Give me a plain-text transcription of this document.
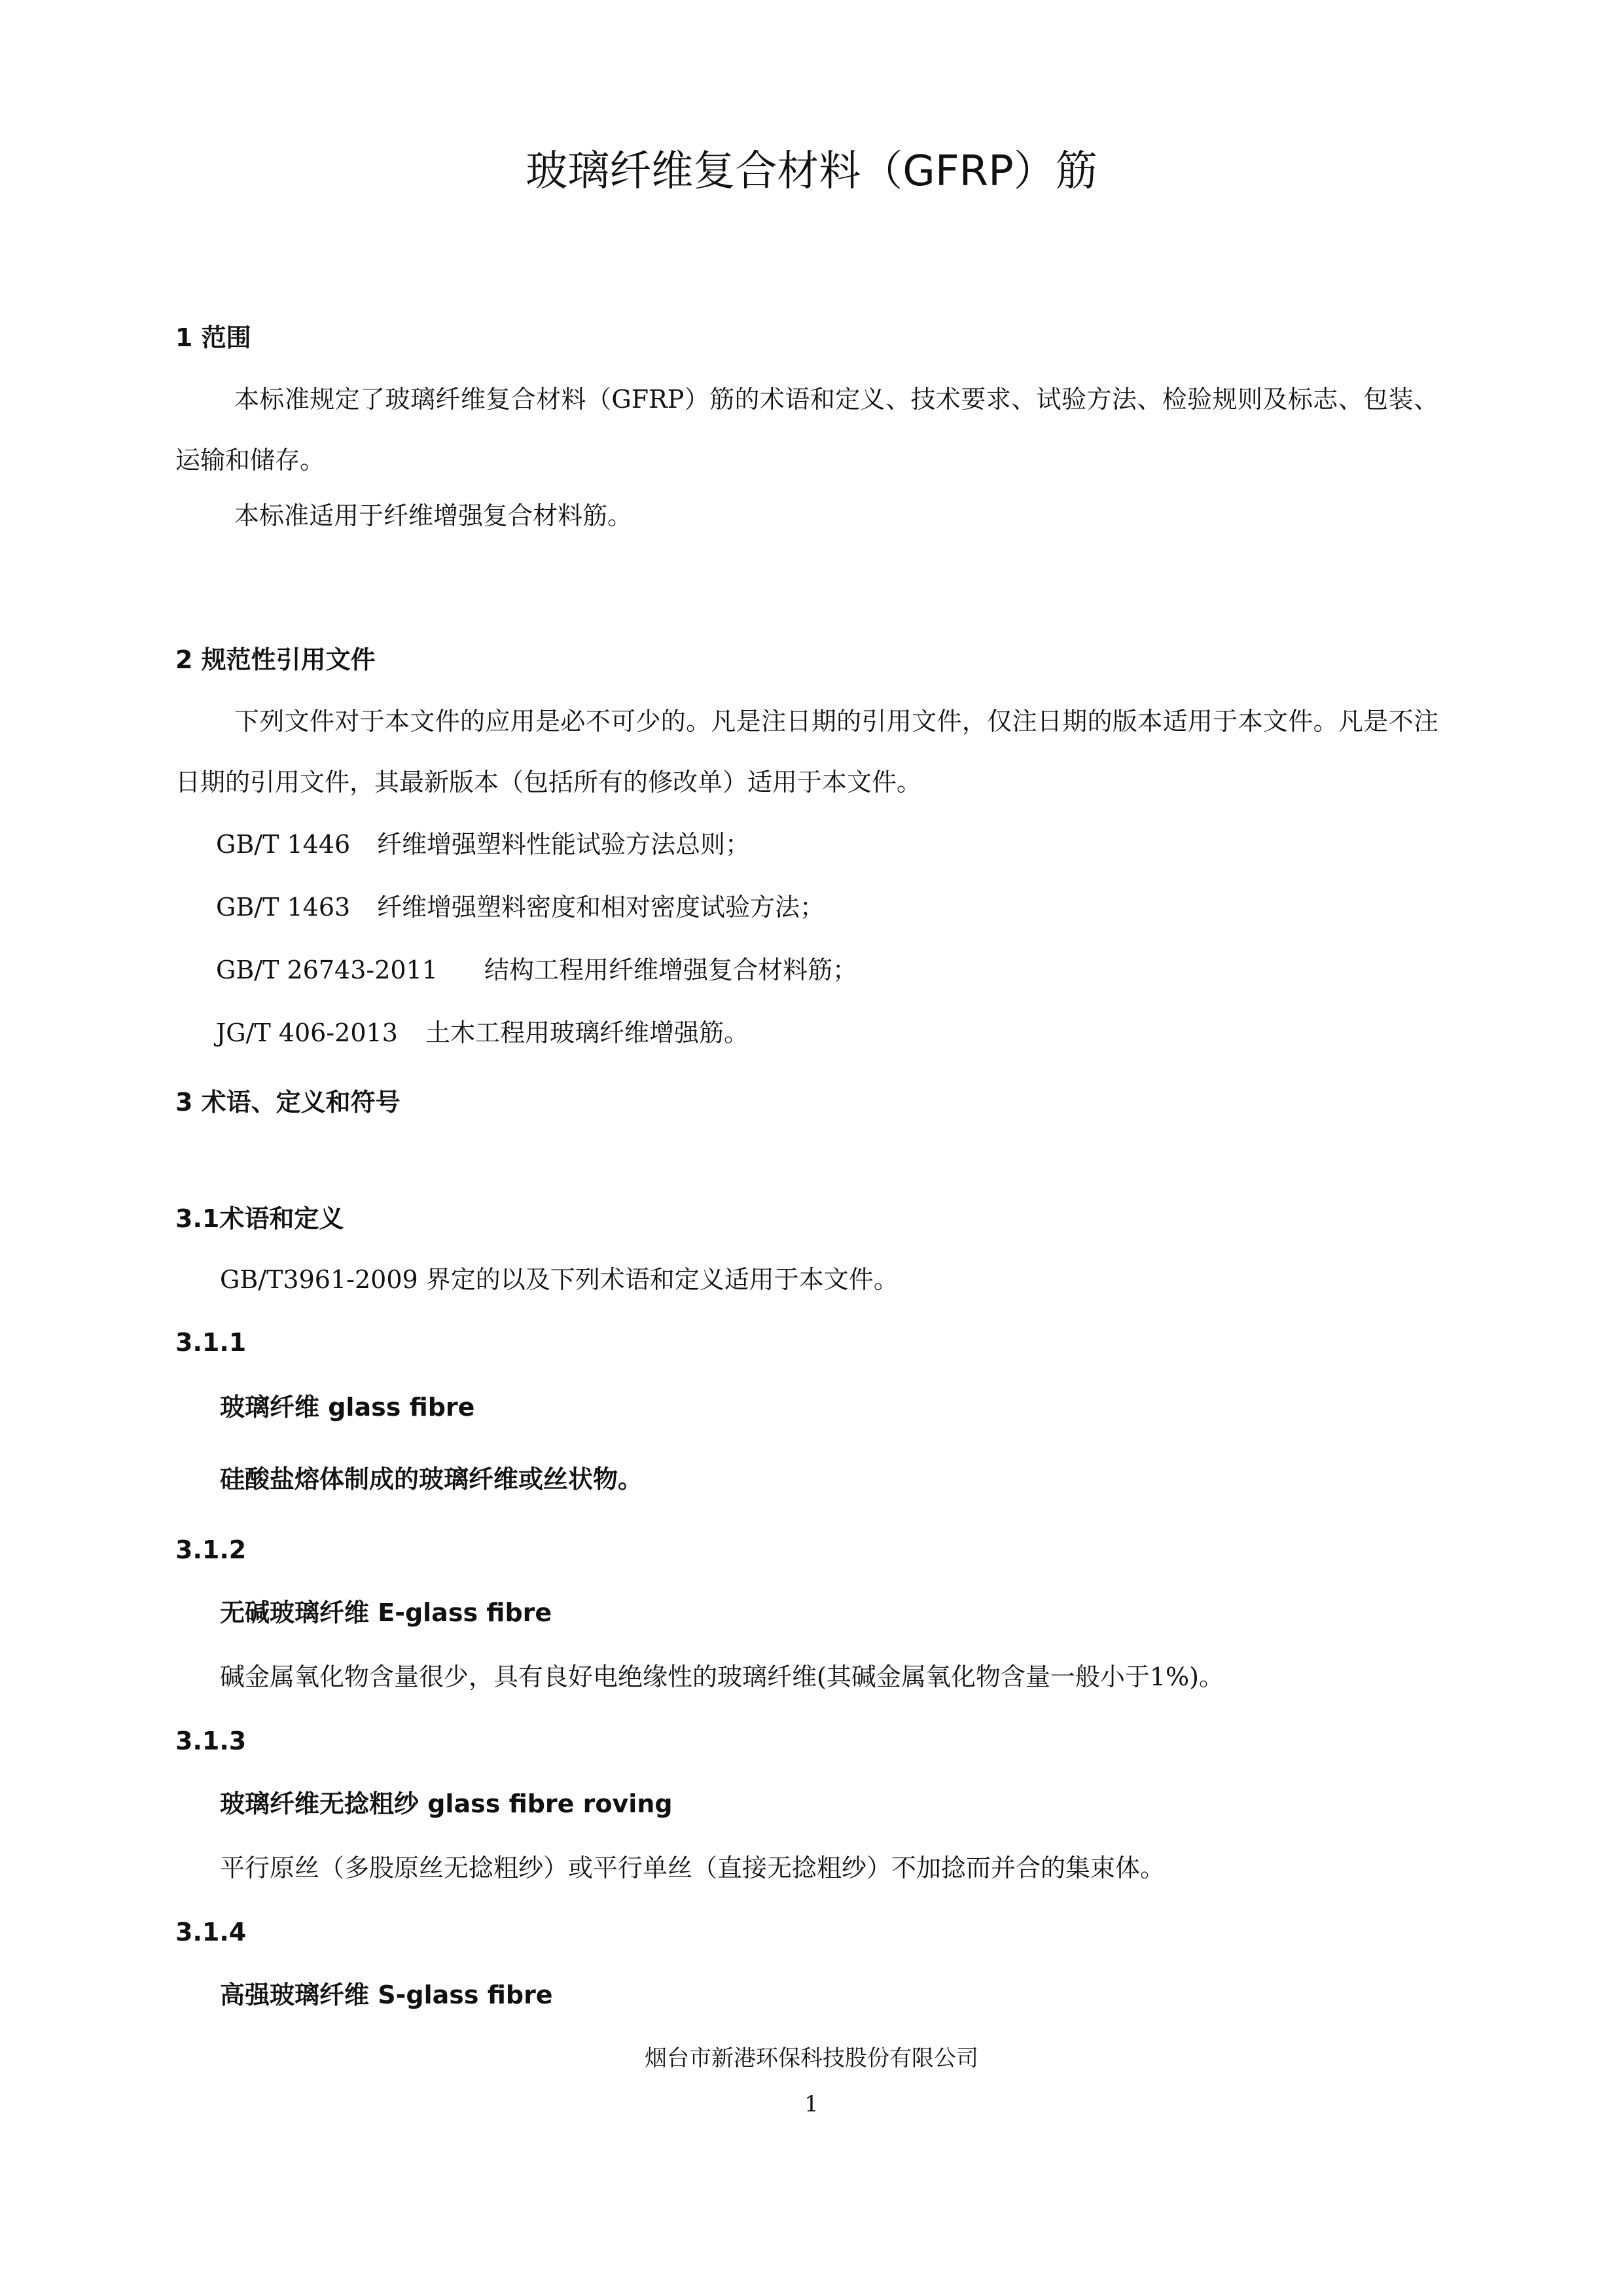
玻璃纤维复合材料（GFRP）筋
1 范围
本标准规定了玻璃纤维复合材料（GFRP）筋的术语和定义、技术要求、试验方法、检验规则及标志、包装、运输和储存。
本标准适用于纤维增强复合材料筋。
2 规范性引用文件
下列文件对于本文件的应用是必不可少的。凡是注日期的引用文件，仅注日期的版本适用于本文件。凡是不注日期的引用文件，其最新版本（包括所有的修改单）适用于本文件。
GB/T 1446 纤维增强塑料性能试验方法总则；
GB/T 1463 纤维增强塑料密度和相对密度试验方法；
GB/T 26743-2011 结构工程用纤维增强复合材料筋；
JG/T 406-2013 土木工程用玻璃纤维增强筋。
3 术语、定义和符号
3.1术语和定义
GB/T3961-2009 界定的以及下列术语和定义适用于本文件。
3.1.1
玻璃纤维 glass fibre
硅酸盐熔体制成的玻璃纤维或丝状物。
3.1.2
无碱玻璃纤维 E-glass fibre
碱金属氧化物含量很少，具有良好电绝缘性的玻璃纤维(其碱金属氧化物含量一般小于1%)。
3.1.3
玻璃纤维无捻粗纱 glass fibre roving
平行原丝（多股原丝无捻粗纱）或平行单丝（直接无捻粗纱）不加捻而并合的集束体。
3.1.4
高强玻璃纤维 S-glass fibre
烟台市新港环保科技股份有限公司
1
